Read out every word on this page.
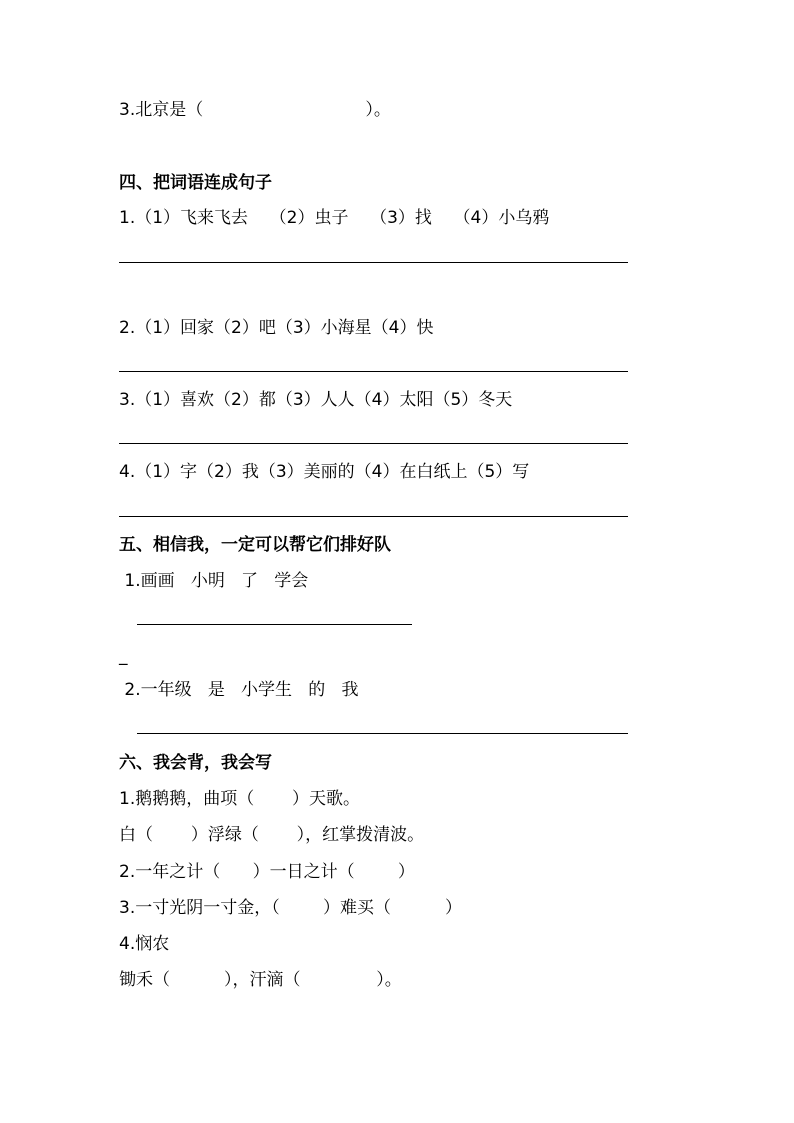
3.北京是（                              ）。
四、把词语连成句子
1.（1）飞来飞去    （2）虫子    （3）找    （4）小乌鸦
2.（1）回家（2）吧（3）小海星（4）快
3.（1）喜欢（2）都（3）人人（4）太阳（5）冬天
4.（1）字（2）我（3）美丽的（4）在白纸上（5）写
五、相信我，一定可以帮它们排好队
1.画画   小明   了   学会
_
2.一年级   是   小学生   的   我
六、我会背，我会写
1.鹅鹅鹅，曲项（       ）天歌。
白（       ）浮绿（       ），红掌拨清波。
2.一年之计（      ）一日之计（        ）
3.一寸光阴一寸金，（        ）难买（          ）
4.悯农
锄禾（          ），汗滴（              ）。
